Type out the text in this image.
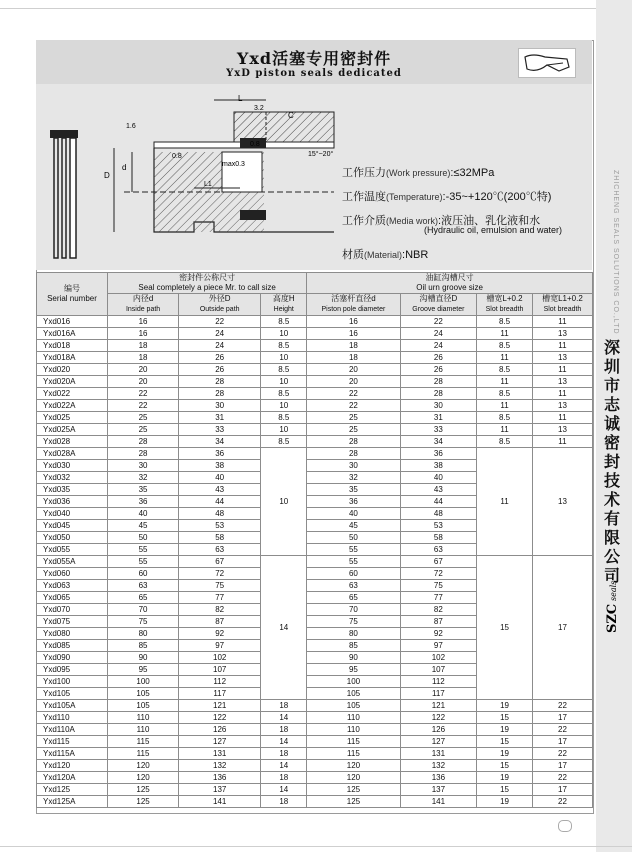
Yxd活塞专用密封件
YxD piston seals dedicated
L
3.2
C
0.8
1.6
0.8	15°~20°
max0.3
D
d
L1
工作压力(Work pressure):≤32MPa
工作温度(Temperature):-35~+120℃(200℃特)
工作介质(Media work):液压油、乳化液和水
(Hydraulic oil, emulsion and water)
材质(Material):NBR
编号
Serial number	密封件公称尺寸
Seal completely a piece Mr. to call size			油缸沟槽尺寸
Oil urn groove size			
	内径d
Inside path	外径D
Outside path	高度H
Height	活塞杆直径d
Piston pole diameter	沟槽直径D
Groove diameter	槽宽L+0.2
Slot breadth	槽宽L1+0.2
Slot breadth
Yxd016	16	22	8.5	16	22	8.5	11
Yxd016A	16	24	10	16	24	11	13
Yxd018	18	24	8.5	18	24	8.5	11
Yxd018A	18	26	10	18	26	11	13
Yxd020	20	26	8.5	20	26	8.5	11
Yxd020A	20	28	10	20	28	11	13
Yxd022	22	28	8.5	22	28	8.5	11
Yxd022A	22	30	10	22	30	11	13
Yxd025	25	31	8.5	25	31	8.5	11
Yxd025A	25	33	10	25	33	11	13
Yxd028	28	34	8.5	28	34	8.5	11
Yxd028A	28	36	10	28	36	11	13
Yxd030	30	38		30	38		
Yxd032	32	40		32	40		
Yxd035	35	43		35	43		
Yxd036	36	44		36	44		
Yxd040	40	48		40	48		
Yxd045	45	53		45	53		
Yxd050	50	58		50	58		
Yxd055	55	63		55	63		
Yxd055A	55	67	14	55	67	15	17
Yxd060	60	72		60	72		
Yxd063	63	75		63	75		
Yxd065	65	77		65	77		
Yxd070	70	82		70	82		
Yxd075	75	87		75	87		
Yxd080	80	92		80	92		
Yxd085	85	97		85	97		
Yxd090	90	102		90	102		
Yxd095	95	107		95	107		
Yxd100	100	112		100	112		
Yxd105	105	117		105	117		
Yxd105A	105	121	18	105	121	19	22
Yxd110	110	122	14	110	122	15	17
Yxd110A	110	126	18	110	126	19	22
Yxd115	115	127	14	115	127	15	17
Yxd115A	115	131	18	115	131	19	22
Yxd120	120	132	14	120	132	15	17
Yxd120A	120	136	18	120	136	19	22
Yxd125	125	137	14	125	137	15	17
Yxd125A	125	141	18	125	141	19	22
ZHICHENG SEALS SOLUTIONS CO.,LTD
深圳市志诚密封技术有限公司
SZC
seals
